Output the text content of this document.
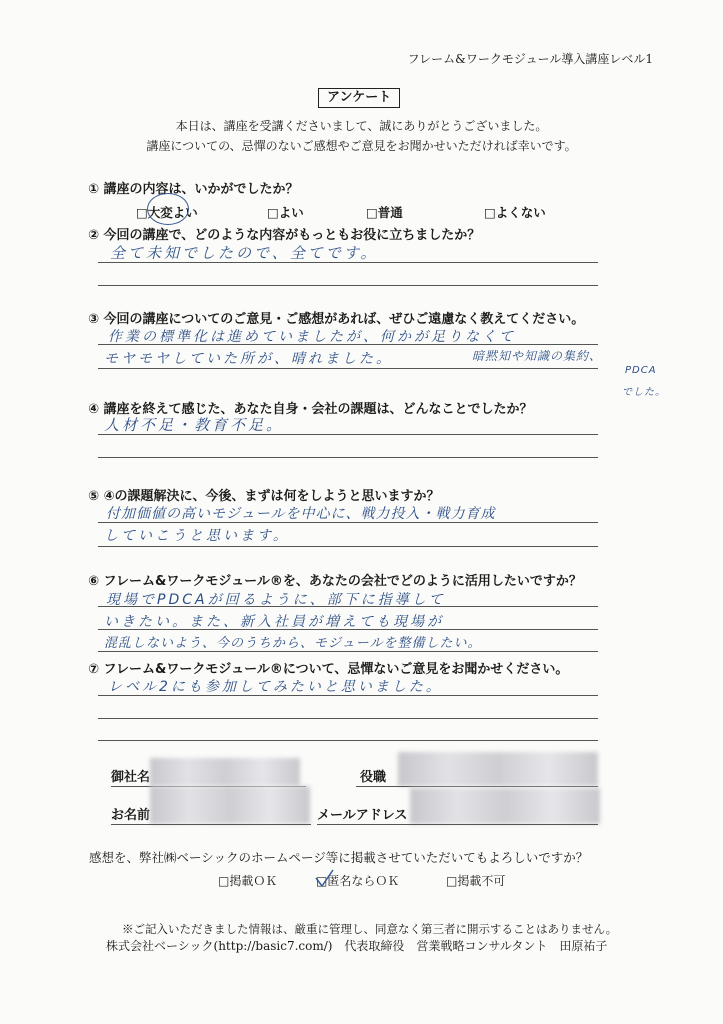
フレーム&ワークモジュール導入講座レベル1
アンケート
本日は、講座を受講くださいまして、誠にありがとうございました。
講座についての、忌憚のないご感想やご意見をお聞かせいただければ幸いです。
① 講座の内容は、いかがでしたか？
□大変よい	□よい	□普通	□よくない
② 今回の講座で、どのような内容がもっともお役に立ちましたか？
全て未知でしたので、全てです。
③ 今回の講座についてのご意見・ご感想があれば、ぜひご遠慮なく教えてください。
作業の標準化は進めていましたが、何かが足りなくて
モヤモヤしていた所が、晴れました。	暗黙知や知識の集約、
PDCA
でした。
④ 講座を終えて感じた、あなた自身・会社の課題は、どんなことでしたか？
人材不足・教育不足。
⑤ ④の課題解決に、今後、まずは何をしようと思いますか？
付加価値の高いモジュールを中心に、戦力投入・戦力育成
していこうと思います。
⑥ フレーム&ワークモジュール®を、あなたの会社でどのように活用したいですか？
現場でPDCAが回るように、部下に指導して
いきたい。また、新入社員が増えても現場が
混乱しないよう、今のうちから、モジュールを整備したい。
⑦ フレーム&ワークモジュール®について、忌憚ないご意見をお聞かせください。
レベル2にも参加してみたいと思いました。
御社名	役職
お名前	メールアドレス
感想を、弊社㈱ベーシックのホームページ等に掲載させていただいてもよろしいですか？
□掲載ＯＫ	□匿名ならＯＫ	□掲載不可
※ご記入いただきました情報は、厳重に管理し、同意なく第三者に開示することはありません。
株式会社ベーシック(http://basic7.com/)　代表取締役　営業戦略コンサルタント　田原祐子
